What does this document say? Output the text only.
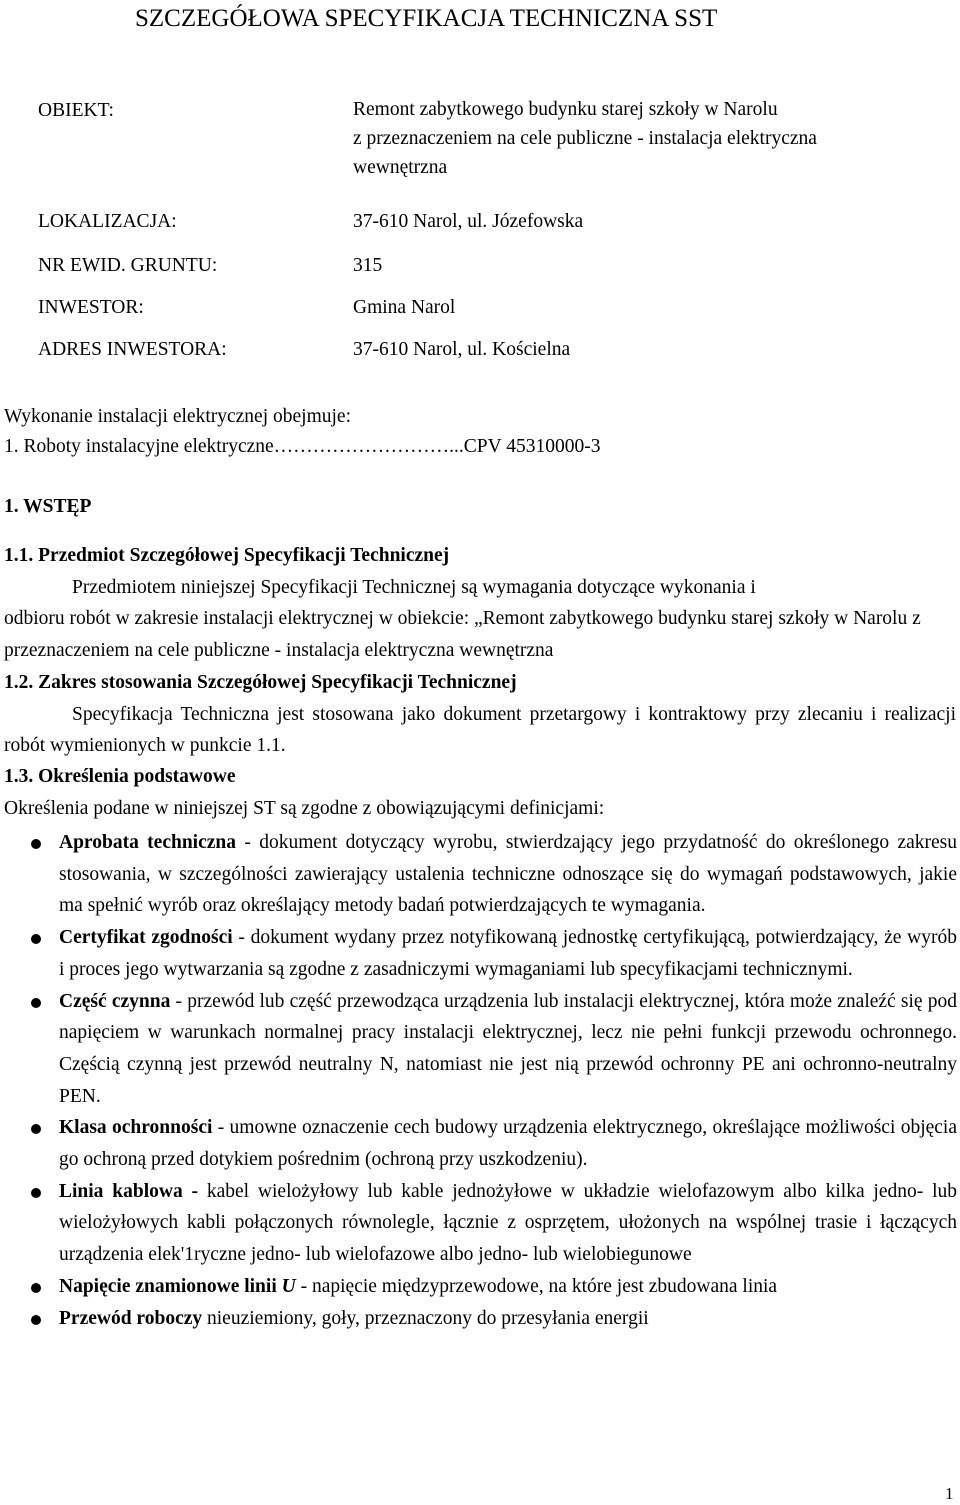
SZCZEGÓŁOWA SPECYFIKACJA TECHNICZNA SST
OBIEKT:	Remont zabytkowego budynku starej szkoły w Narolu
z przeznaczeniem na cele publiczne - instalacja elektryczna
wewnętrzna
LOKALIZACJA:	37-610 Narol, ul. Józefowska
NR EWID. GRUNTU:	315
INWESTOR:	Gmina Narol
ADRES INWESTORA:	37-610 Narol, ul. Kościelna
Wykonanie instalacji elektrycznej obejmuje:
1. Roboty instalacyjne elektryczne………………………...CPV 45310000-3
1. WSTĘP
1.1. Przedmiot Szczegółowej Specyfikacji Technicznej
Przedmiotem niniejszej Specyfikacji Technicznej są wymagania dotyczące wykonania i
odbioru robót w zakresie instalacji elektrycznej w obiekcie: „Remont zabytkowego budynku starej szkoły w Narolu z przeznaczeniem na cele publiczne - instalacja elektryczna wewnętrzna
1.2. Zakres stosowania Szczegółowej Specyfikacji Technicznej
Specyfikacja Techniczna jest stosowana jako dokument przetargowy i kontraktowy przy zlecaniu i realizacji robót wymienionych w punkcie 1.1.
1.3. Określenia podstawowe
Określenia podane w niniejszej ST są zgodne z obowiązującymi definicjami:
Aprobata techniczna - dokument dotyczący wyrobu, stwierdzający jego przydatność do określonego zakresu stosowania, w szczególności zawierający ustalenia techniczne odnoszące się do wymagań podstawowych, jakie ma spełnić wyrób oraz określający metody badań potwierdzających te wymagania.
Certyfikat zgodności - dokument wydany przez notyfikowaną jednostkę certyfikującą, potwierdzający, że wyrób i proces jego wytwarzania są zgodne z zasadniczymi wymaganiami lub specyfikacjami technicznymi.
Część czynna - przewód lub część przewodząca urządzenia lub instalacji elektrycznej, która może znaleźć się pod napięciem w warunkach normalnej pracy instalacji elektrycznej, lecz nie pełni funkcji przewodu ochronnego. Częścią czynną jest przewód neutralny N, natomiast nie jest nią przewód ochronny PE ani ochronno-neutralny PEN.
Klasa ochronności - umowne oznaczenie cech budowy urządzenia elektrycznego, określające możliwości objęcia go ochroną przed dotykiem pośrednim (ochroną przy uszkodzeniu).
Linia kablowa - kabel wielożyłowy lub kable jednożyłowe w układzie wielofazowym albo kilka jedno- lub wielożyłowych kabli połączonych równolegle, łącznie z osprzętem, ułożonych na wspólnej trasie i łączących urządzenia elek'1ryczne jedno- lub wielofazowe albo jedno- lub wielobiegunowe
Napięcie znamionowe linii U - napięcie międzyprzewodowe, na które jest zbudowana linia
Przewód roboczy nieuziemiony, goły, przeznaczony do przesyłania energii
1
